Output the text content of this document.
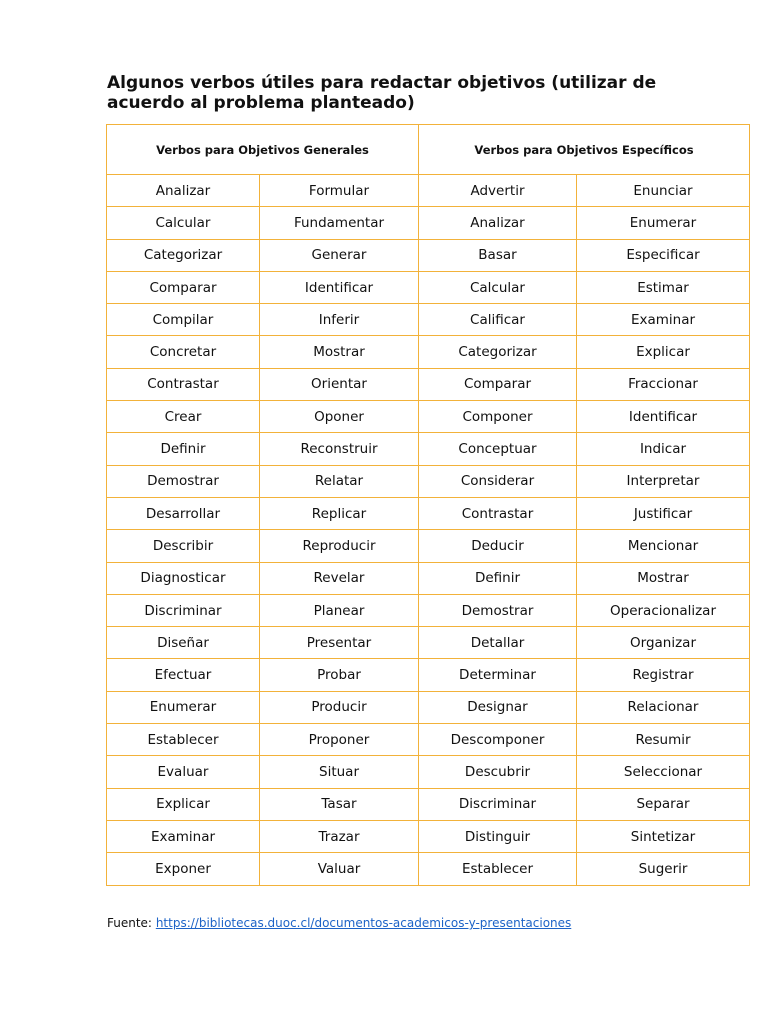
Algunos verbos útiles para redactar objetivos (utilizar de acuerdo al problema planteado)
Verbos para Objetivos Generales		Verbos para Objetivos Específicos	
Analizar	Formular	Advertir	Enunciar
Calcular	Fundamentar	Analizar	Enumerar
Categorizar	Generar	Basar	Especificar
Comparar	Identificar	Calcular	Estimar
Compilar	Inferir	Calificar	Examinar
Concretar	Mostrar	Categorizar	Explicar
Contrastar	Orientar	Comparar	Fraccionar
Crear	Oponer	Componer	Identificar
Definir	Reconstruir	Conceptuar	Indicar
Demostrar	Relatar	Considerar	Interpretar
Desarrollar	Replicar	Contrastar	Justificar
Describir	Reproducir	Deducir	Mencionar
Diagnosticar	Revelar	Definir	Mostrar
Discriminar	Planear	Demostrar	Operacionalizar
Diseñar	Presentar	Detallar	Organizar
Efectuar	Probar	Determinar	Registrar
Enumerar	Producir	Designar	Relacionar
Establecer	Proponer	Descomponer	Resumir
Evaluar	Situar	Descubrir	Seleccionar
Explicar	Tasar	Discriminar	Separar
Examinar	Trazar	Distinguir	Sintetizar
Exponer	Valuar	Establecer	Sugerir

Fuente: https://bibliotecas.duoc.cl/documentos-academicos-y-presentaciones
